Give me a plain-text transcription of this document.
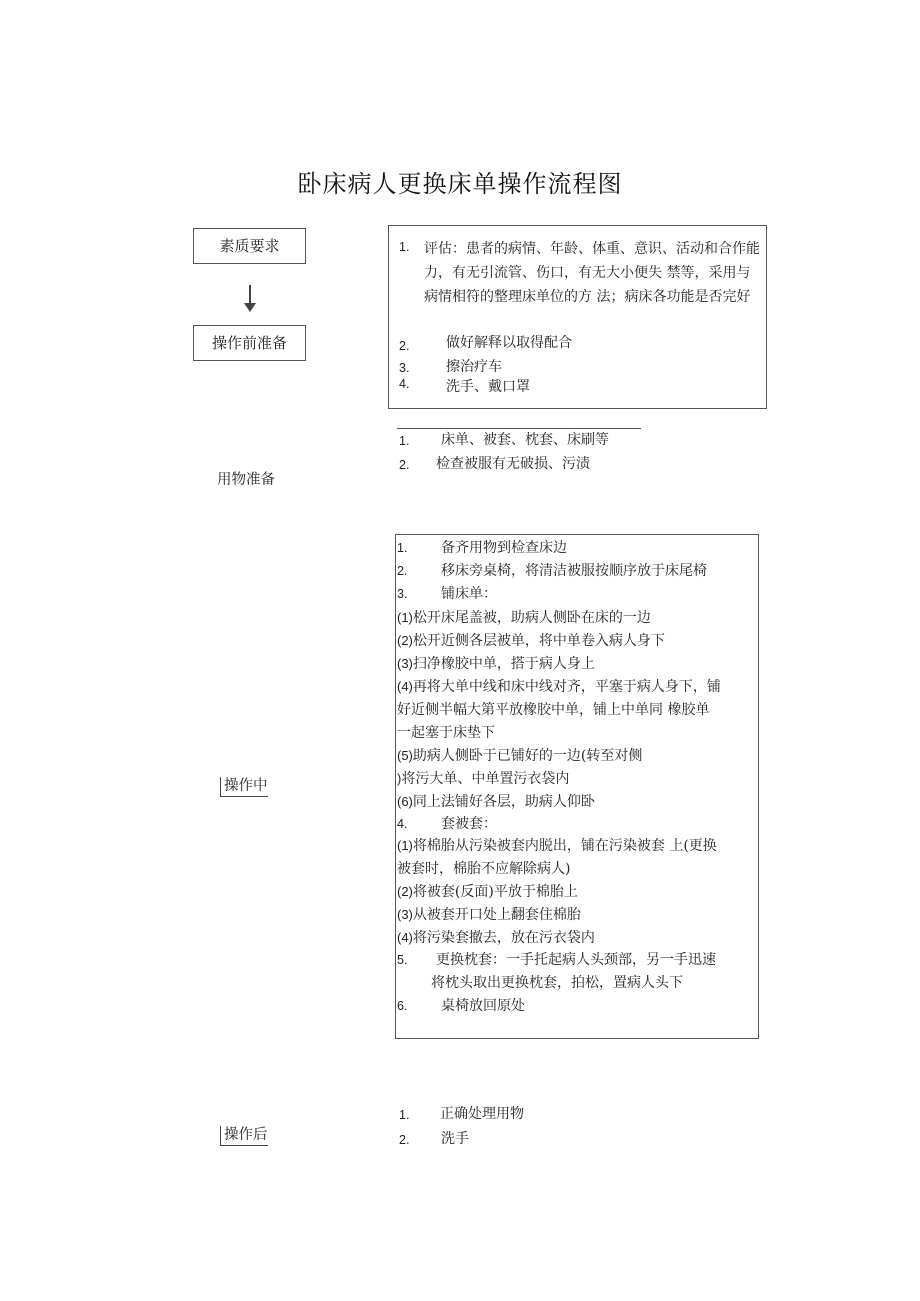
卧床病人更换床单操作流程图
素质要求
操作前准备
用物准备
操作中
操作后
1. 评估：患者的病情、年龄、体重、意识、活动和合作能力，有无引流管、伤口，有无大小便失 禁等，采用与病情相符的整理床单位的方 法；病床各功能是否完好
2.	做好解释以取得配合
3.	擦治疗车
4.	洗手、戴口罩
1. 床单、被套、枕套、床刷等
2. 检查被服有无破损、污渍
1. 备齐用物到检查床边
2. 移床旁桌椅，将清洁被服按顺序放于床尾椅
3. 铺床单：
(1)松开床尾盖被，助病人侧卧在床的一边
(2)松开近侧各层被单，将中单卷入病人身下
(3)扫净橡胶中单，搭于病人身上
(4)再将大单中线和床中线对齐，平塞于病人身下，铺
好近侧半幅大第平放橡胶中单，铺上中单同 橡胶单
一起塞于床垫下
(5)助病人侧卧于已铺好的一边(转至对侧
)将污大单、中单置污衣袋内
(6)同上法铺好各层，助病人仰卧
4. 套被套：
(1)将棉胎从污染被套内脱出，铺在污染被套 上(更换
被套时，棉胎不应解除病人)
(2)将被套(反面)平放于棉胎上
(3)从被套开口处上翻套住棉胎
(4)将污染套撤去，放在污衣袋内
5. 更换枕套：一手托起病人头颈部，另一手迅速
将枕头取出更换枕套，拍松，置病人头下
6. 桌椅放回原处
1. 正确处理用物
2. 洗手
